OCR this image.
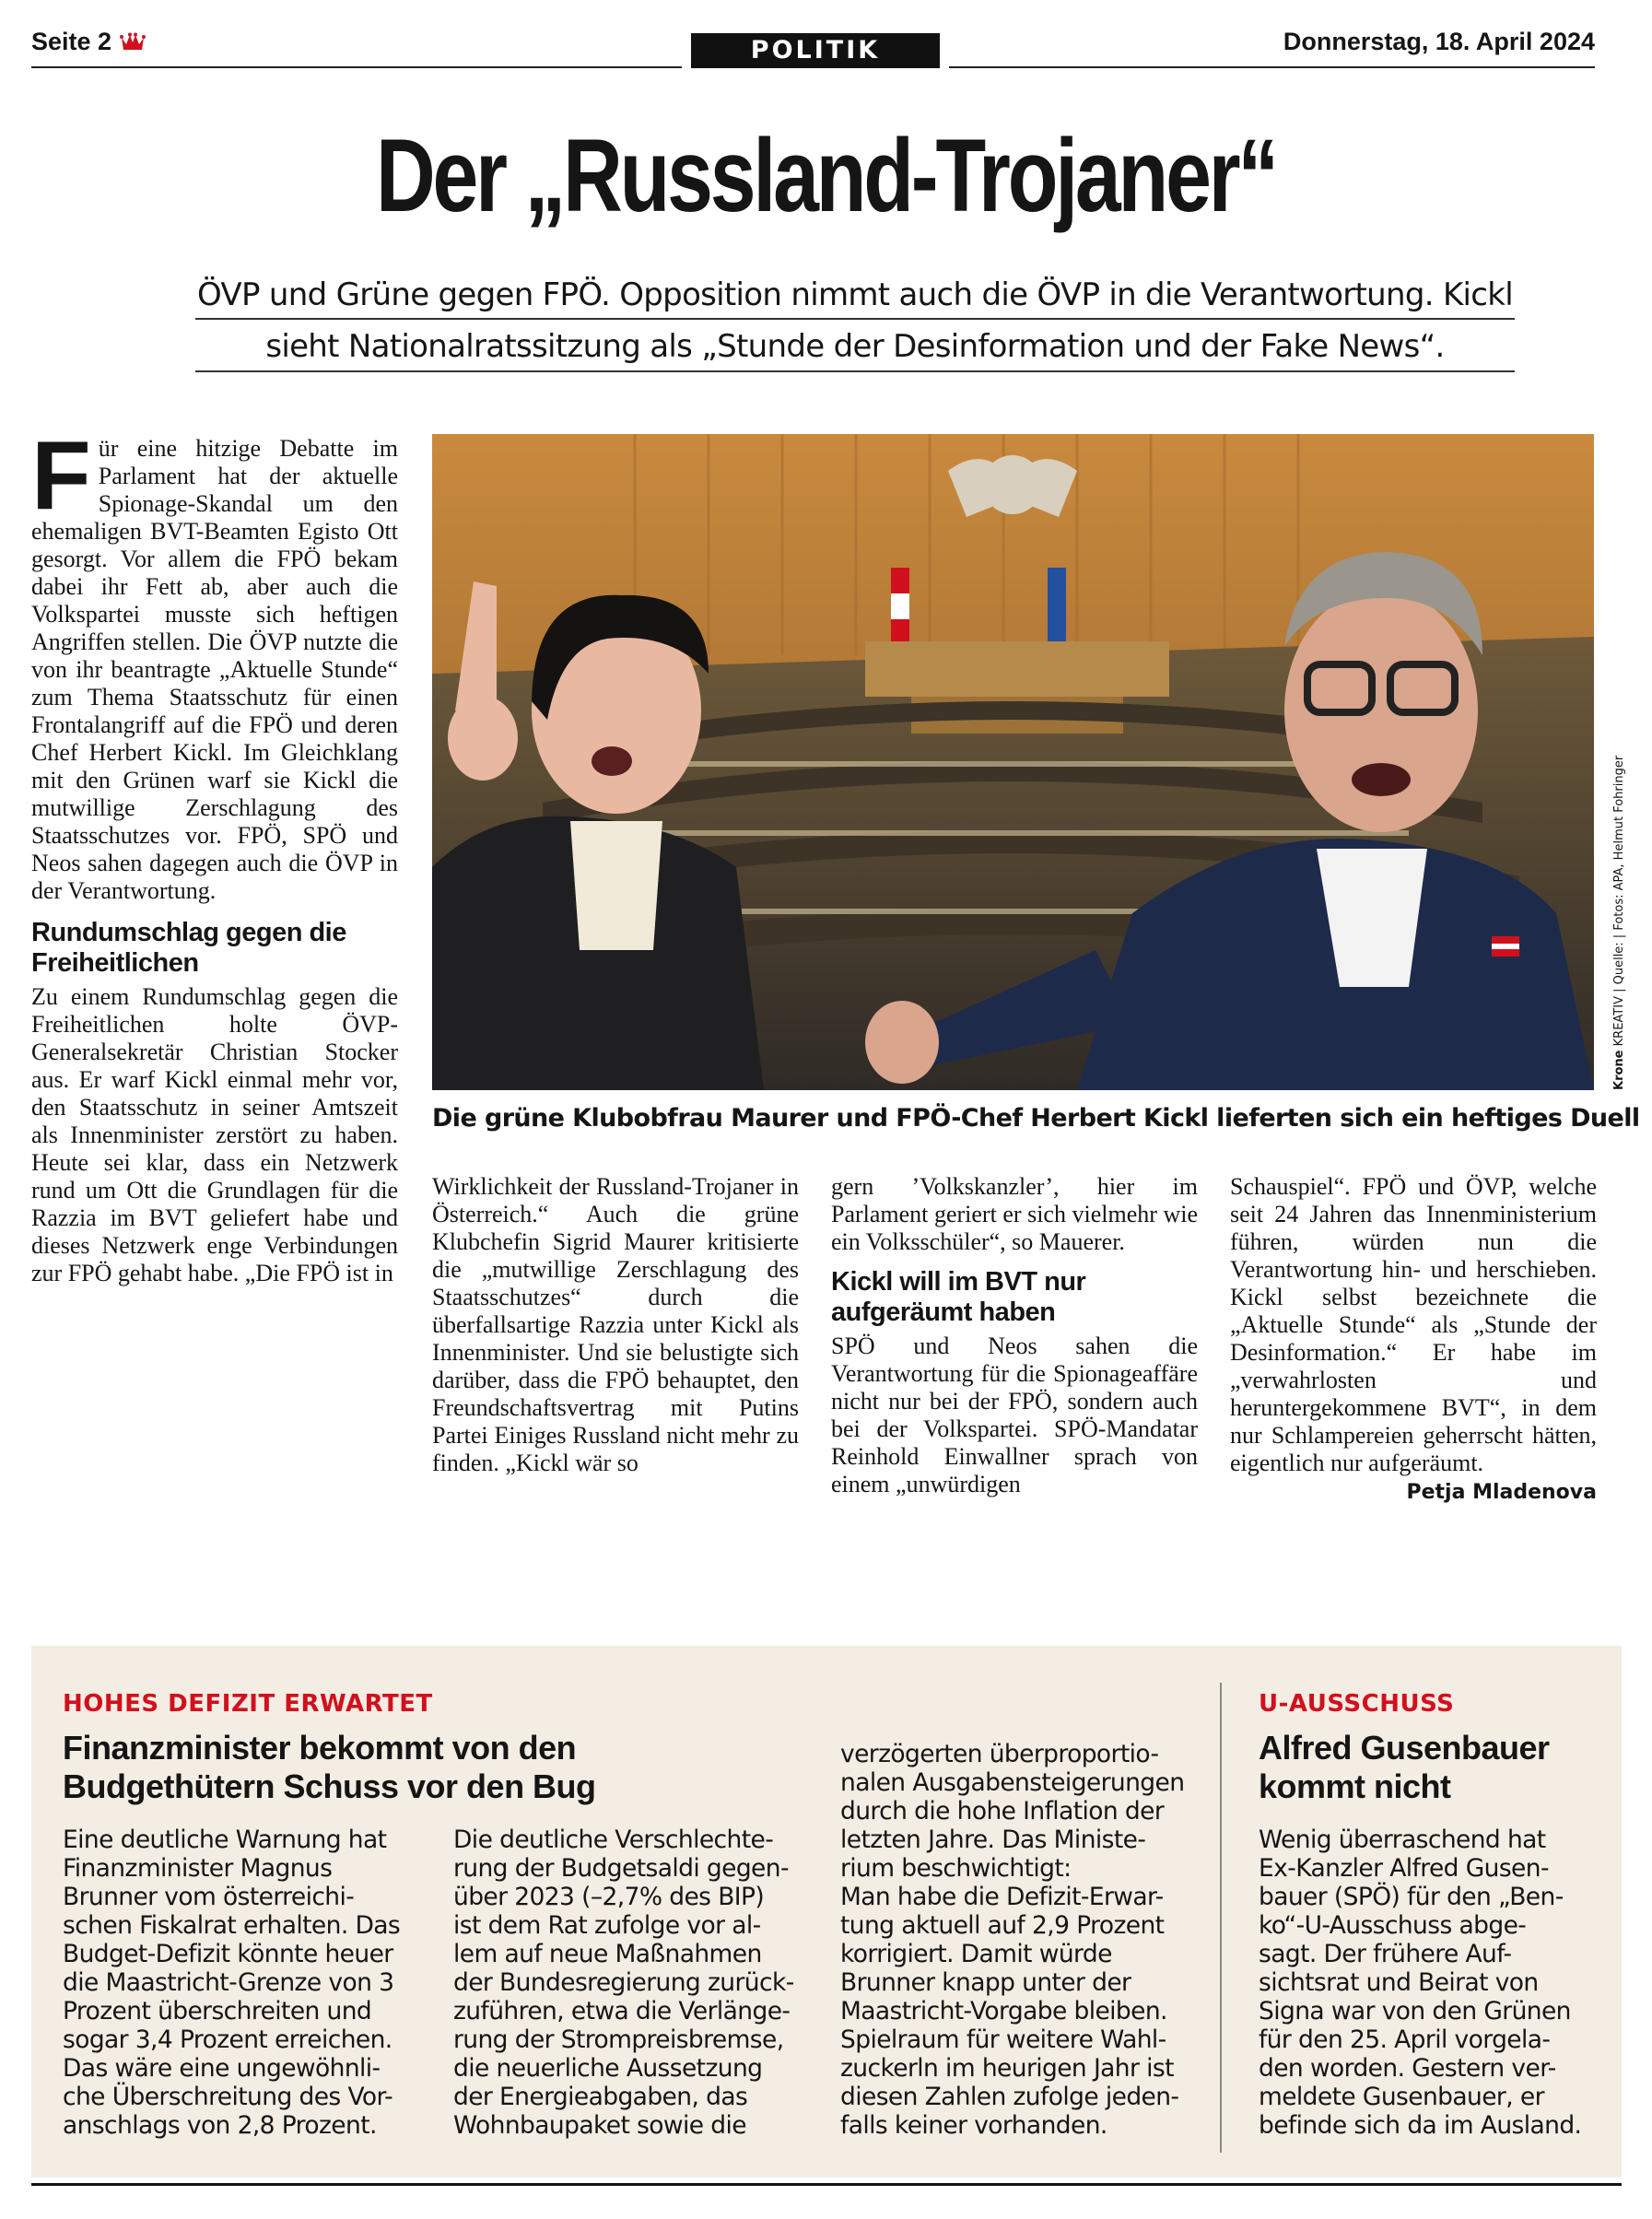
Seite 2	POLITIK	Donnerstag, 18. April 2024
Der „Russland-Trojaner“
ÖVP und Grüne gegen FPÖ. Opposition nimmt auch die ÖVP in die Verantwortung. Kickl
sieht Nationalratssitzung als „Stunde der Desinformation und der Fake News“.

Für eine hitzige Debatte im Parlament hat der aktuelle Spionage-Skandal um den ehemaligen BVT-Beamten Egisto Ott gesorgt. Vor allem die FPÖ bekam dabei ihr Fett ab, aber auch die Volkspartei musste sich heftigen Angriffen stellen. Die ÖVP nutzte die von ihr beantragte „Aktuelle Stunde“ zum Thema Staatsschutz für einen Frontalangriff auf die FPÖ und deren Chef Herbert Kickl. Im Gleichklang mit den Grünen warf sie Kickl die mutwillige Zerschlagung des Staatsschutzes vor. FPÖ, SPÖ und Neos sahen dagegen auch die ÖVP in der Verantwortung.

Rundumschlag gegen die Freiheitlichen

Zu einem Rundumschlag gegen die Freiheitlichen holte ÖVP-Generalsekretär Christian Stocker aus. Er warf Kickl einmal mehr vor, den Staatsschutz in seiner Amtszeit als Innenminister zerstört zu haben. Heute sei klar, dass ein Netzwerk rund um Ott die Grundlagen für die Razzia im BVT geliefert habe und dieses Netzwerk enge Verbindungen zur FPÖ gehabt habe. „Die FPÖ ist in

Die grüne Klubobfrau Maurer und FPÖ-Chef Herbert Kickl lieferten sich ein heftiges Duell
Krone KREATIV | Quelle: | Fotos: APA, Helmut Fohringer

Wirklichkeit der Russland-Trojaner in Österreich.“ Auch die grüne Klubchefin Sigrid Maurer kritisierte die „mutwillige Zerschlagung des Staatsschutzes“ durch die überfallsartige Razzia unter Kickl als Innenminister. Und sie belustigte sich darüber, dass die FPÖ behauptet, den Freundschaftsvertrag mit Putins Partei Einiges Russland nicht mehr zu finden. „Kickl wär so

gern ’Volkskanzler’, hier im Parlament geriert er sich vielmehr wie ein Volksschüler“, so Mauerer.

Kickl will im BVT nur aufgeräumt haben

SPÖ und Neos sahen die Verantwortung für die Spionageaffäre nicht nur bei der FPÖ, sondern auch bei der Volkspartei. SPÖ-Mandatar Reinhold Einwallner sprach von einem „unwürdigen

Schauspiel“. FPÖ und ÖVP, welche seit 24 Jahren das Innenministerium führen, würden nun die Verantwortung hin- und herschieben. Kickl selbst bezeichnete die „Aktuelle Stunde“ als „Stunde der Desinformation.“ Er habe im „verwahrlosten und heruntergekommene BVT“, in dem nur Schlampereien geherrscht hätten, eigentlich nur aufgeräumt.
Petja Mladenova

HOHES DEFIZIT ERWARTET
Finanzminister bekommt von den
Budgethütern Schuss vor den Bug
Eine deutliche Warnung hat
Finanzminister Magnus
Brunner vom österreichi-
schen Fiskalrat erhalten. Das
Budget-Defizit könnte heuer
die Maastricht-Grenze von 3
Prozent überschreiten und
sogar 3,4 Prozent erreichen.
Das wäre eine ungewöhnli-
che Überschreitung des Vor-
anschlags von 2,8 Prozent.
Die deutliche Verschlechte-
rung der Budgetsaldi gegen-
über 2023 (–2,7% des BIP)
ist dem Rat zufolge vor al-
lem auf neue Maßnahmen
der Bundesregierung zurück-
zuführen, etwa die Verlänge-
rung der Strompreisbremse,
die neuerliche Aussetzung
der Energieabgaben, das
Wohnbaupaket sowie die
verzögerten überproportio-
nalen Ausgabensteigerungen
durch die hohe Inflation der
letzten Jahre. Das Ministe-
rium beschwichtigt:
Man habe die Defizit-Erwar-
tung aktuell auf 2,9 Prozent
korrigiert. Damit würde
Brunner knapp unter der
Maastricht-Vorgabe bleiben.
Spielraum für weitere Wahl-
zuckerln im heurigen Jahr ist
diesen Zahlen zufolge jeden-
falls keiner vorhanden.
U-AUSSCHUSS
Alfred Gusenbauer
kommt nicht
Wenig überraschend hat
Ex-Kanzler Alfred Gusen-
bauer (SPÖ) für den „Ben-
ko“-U-Ausschuss abge-
sagt. Der frühere Auf-
sichtsrat und Beirat von
Signa war von den Grünen
für den 25. April vorgela-
den worden. Gestern ver-
meldete Gusenbauer, er
befinde sich da im Ausland.
